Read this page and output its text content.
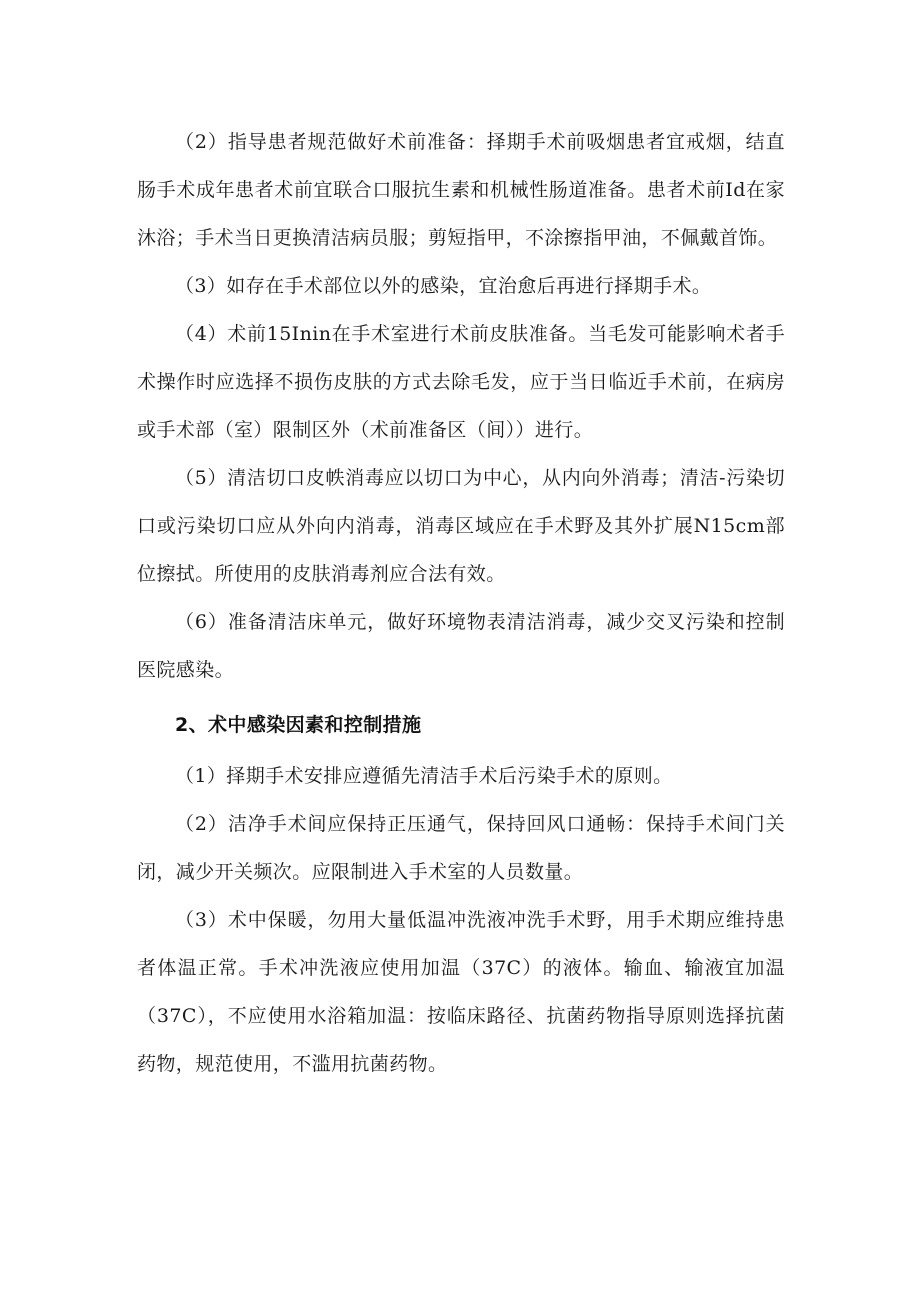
（2）指导患者规范做好术前准备：择期手术前吸烟患者宜戒烟，结直肠手术成年患者术前宜联合口服抗生素和机械性肠道准备。患者术前Id在家沐浴；手术当日更换清洁病员服；剪短指甲，不涂擦指甲油，不佩戴首饰。

（3）如存在手术部位以外的感染，宜治愈后再进行择期手术。

（4）术前15Inin在手术室进行术前皮肤准备。当毛发可能影响术者手术操作时应选择不损伤皮肤的方式去除毛发，应于当日临近手术前，在病房或手术部（室）限制区外（术前准备区（间））进行。

（5）清洁切口皮帙消毒应以切口为中心，从内向外消毒；清洁-污染切口或污染切口应从外向内消毒，消毒区域应在手术野及其外扩展N15cm部位擦拭。所使用的皮肤消毒剂应合法有效。

（6）准备清洁床单元，做好环境物表清洁消毒，减少交叉污染和控制医院感染。

2、术中感染因素和控制措施

（1）择期手术安排应遵循先清洁手术后污染手术的原则。

（2）洁净手术间应保持正压通气，保持回风口通畅：保持手术间门关闭，减少开关频次。应限制进入手术室的人员数量。

（3）术中保暖，勿用大量低温冲洗液冲洗手术野，用手术期应维持患者体温正常。手术冲洗液应使用加温（37C）的液体。输血、输液宜加温（37C），不应使用水浴箱加温：按临床路径、抗菌药物指导原则选择抗菌药物，规范使用，不滥用抗菌药物。
